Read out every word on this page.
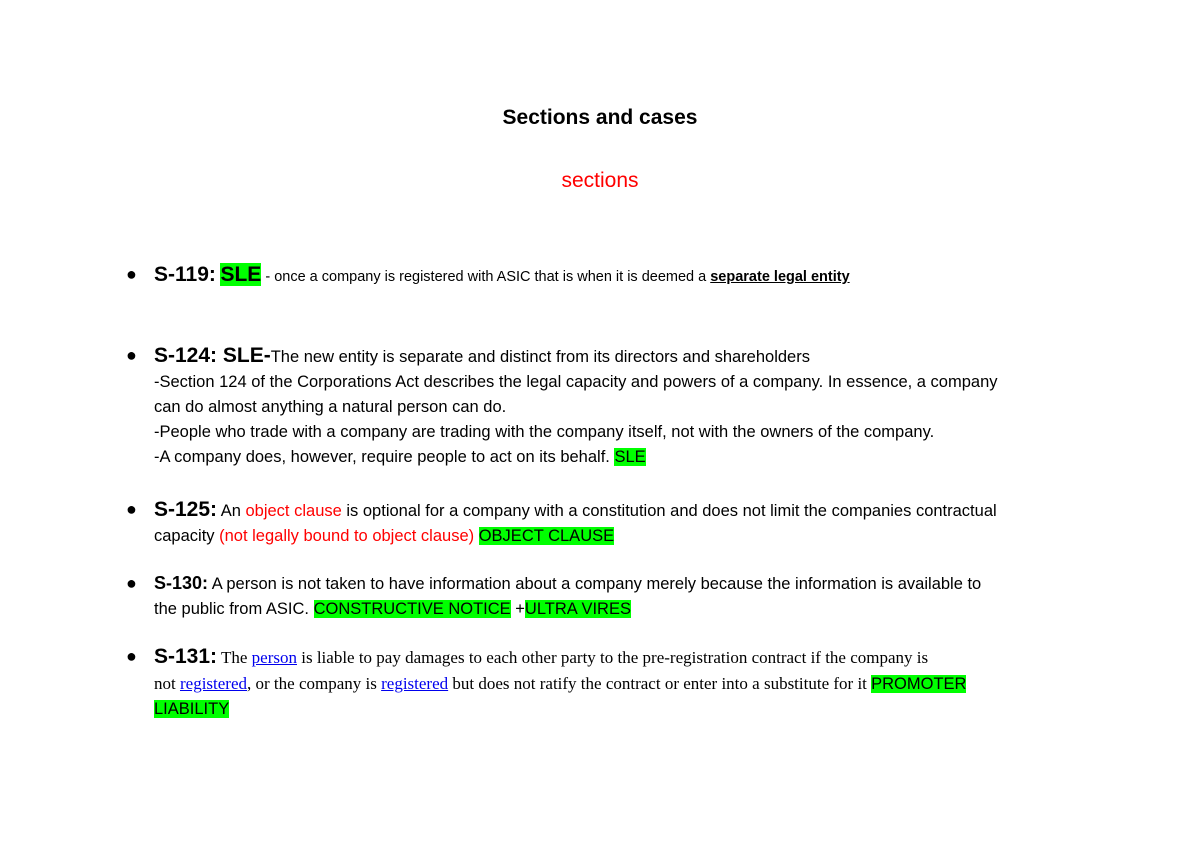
Sections and cases
sections
● S-119: SLE - once a company is registered with ASIC that is when it is deemed a separate legal entity
● S-124: SLE-The new entity is separate and distinct from its directors and shareholders
-Section 124 of the Corporations Act describes the legal capacity and powers of a company. In essence, a company
can do almost anything a natural person can do.
-People who trade with a company are trading with the company itself, not with the owners of the company.
-A company does, however, require people to act on its behalf. SLE
● S-125: An object clause is optional for a company with a constitution and does not limit the companies contractual
capacity (not legally bound to object clause) OBJECT CLAUSE
● S-130: A person is not taken to have information about a company merely because the information is available to
the public from ASIC. CONSTRUCTIVE NOTICE +ULTRA VIRES
● S-131: The person is liable to pay damages to each other party to the pre-registration contract if the company is
not registered, or the company is registered but does not ratify the contract or enter into a substitute for it PROMOTER
LIABILITY
